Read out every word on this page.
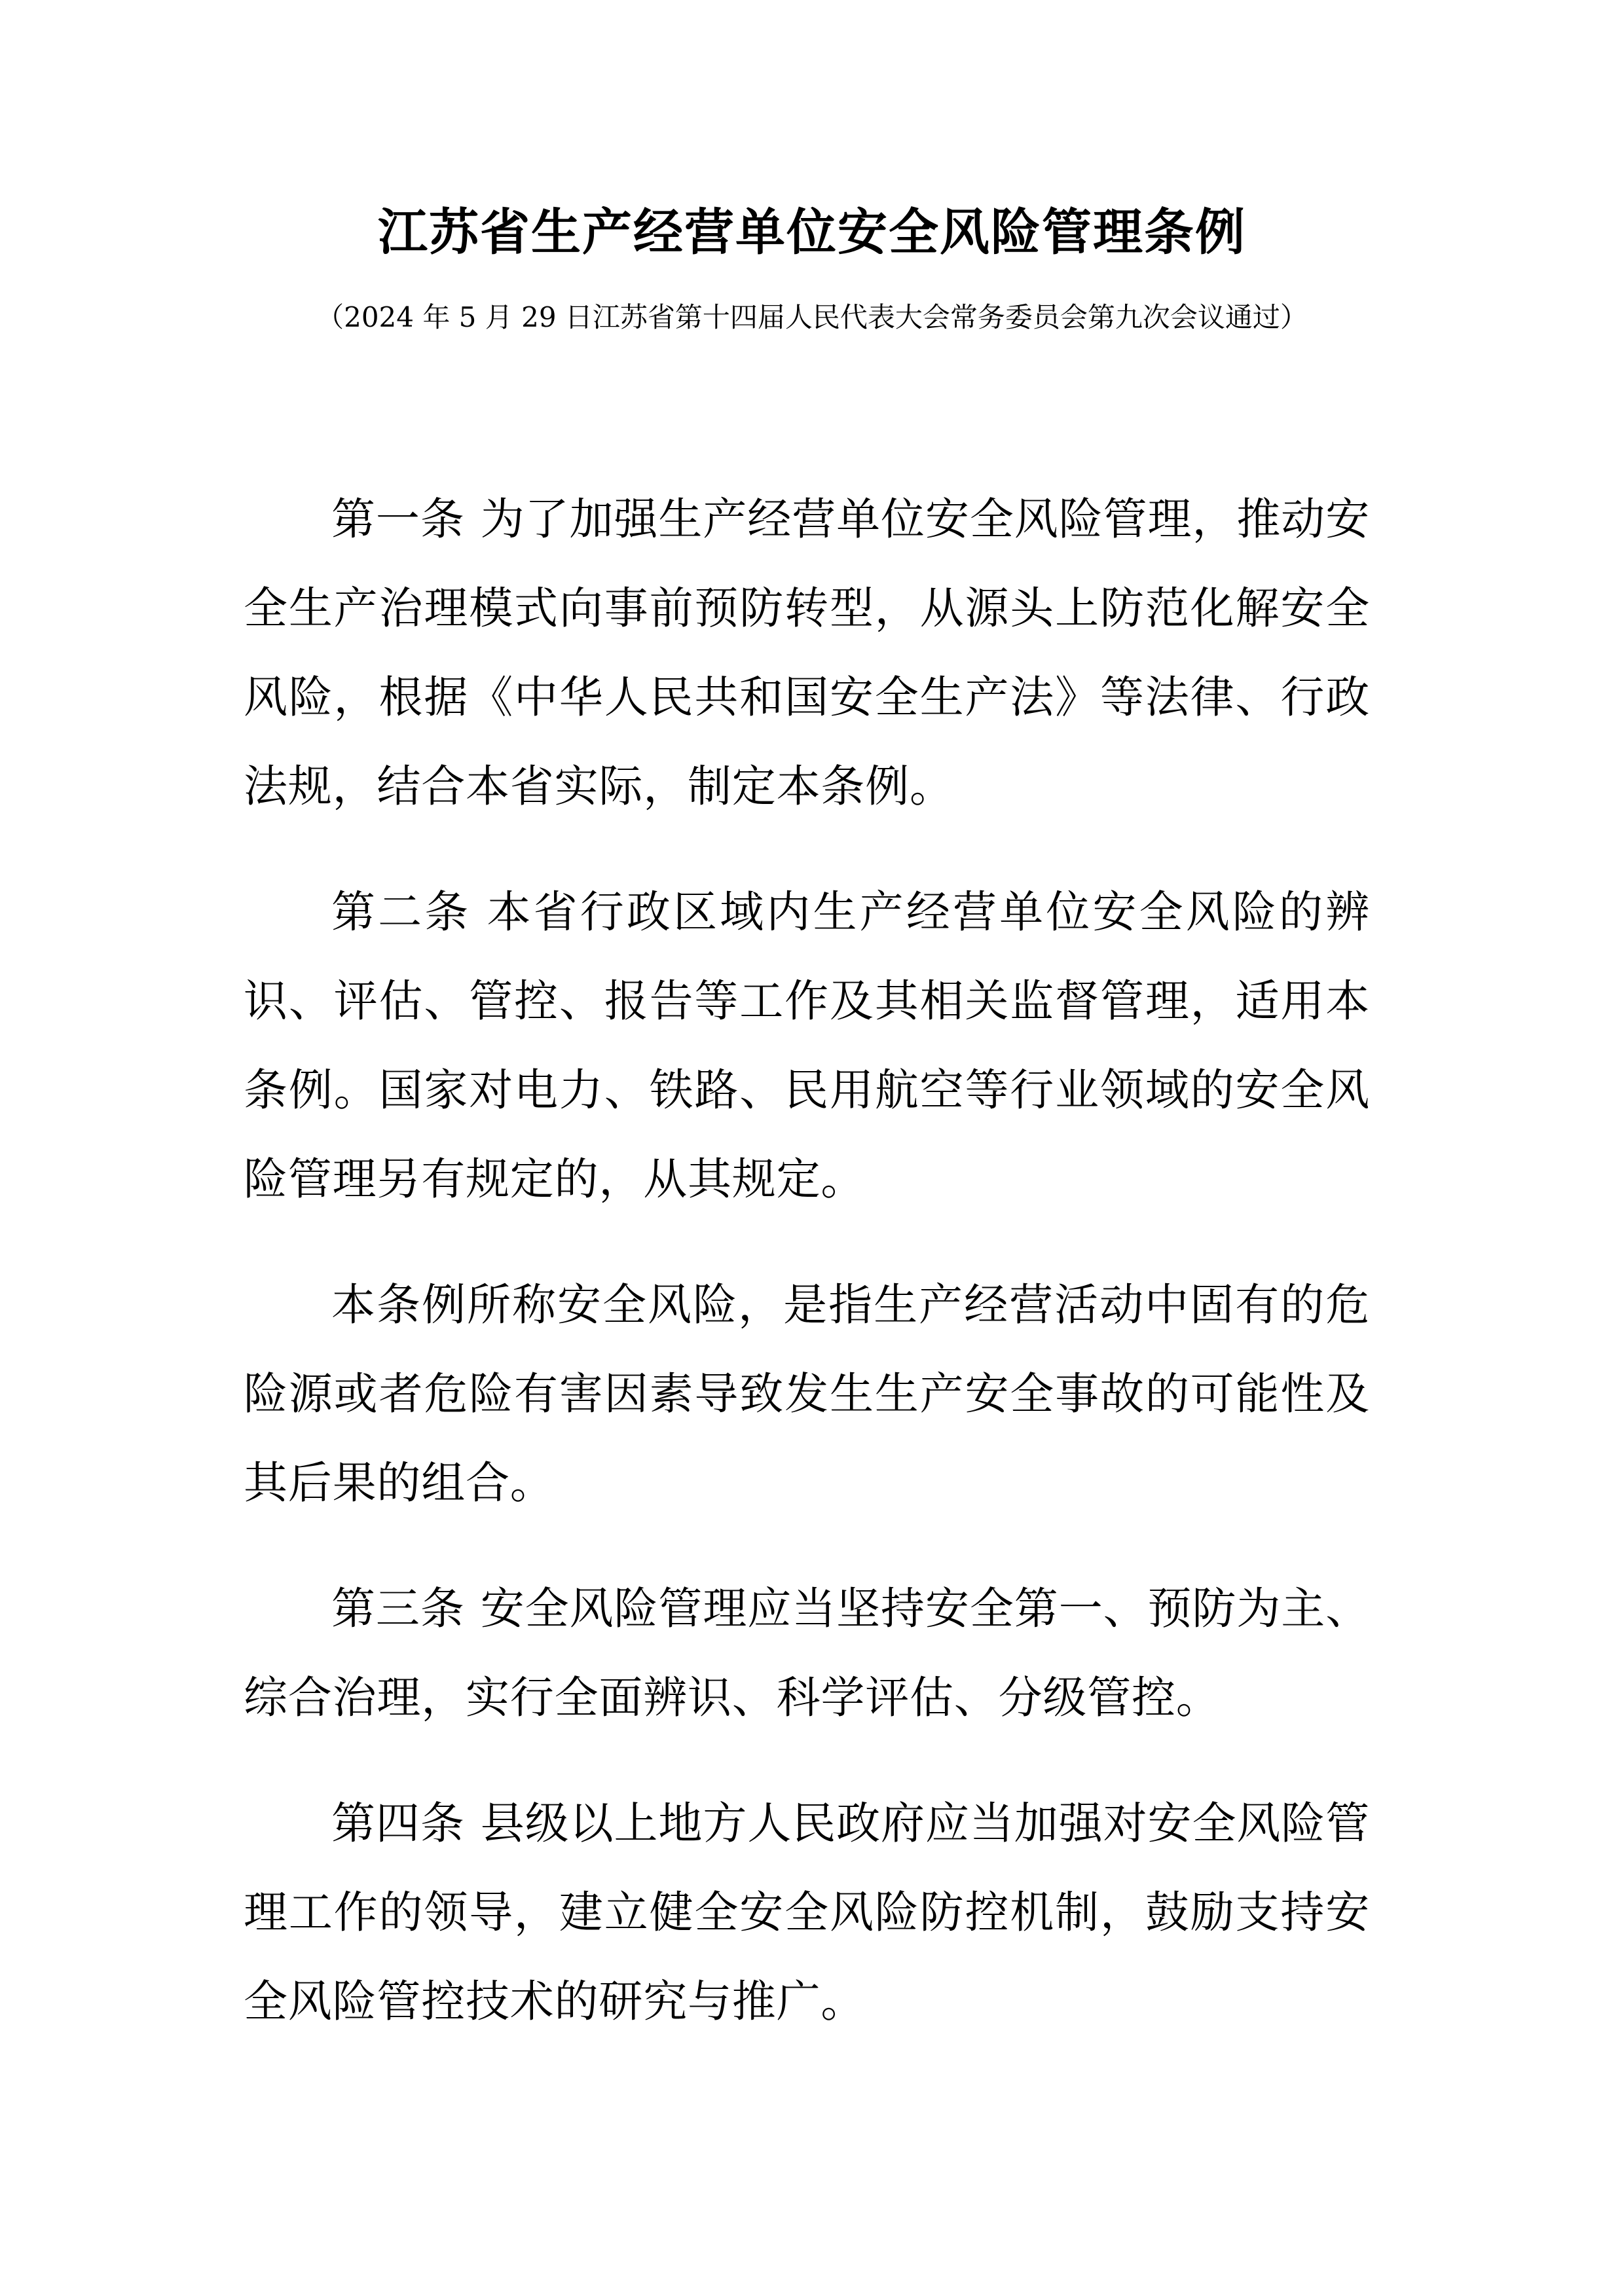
江苏省生产经营单位安全风险管理条例
（2024 年 5 月 29 日江苏省第十四届人民代表大会常务委员会第九次会议通过）

第一条 为了加强生产经营单位安全风险管理，推动安全生产治理模式向事前预防转型，从源头上防范化解安全风险，根据《中华人民共和国安全生产法》等法律、行政法规，结合本省实际，制定本条例。

第二条 本省行政区域内生产经营单位安全风险的辨识、评估、管控、报告等工作及其相关监督管理，适用本条例。国家对电力、铁路、民用航空等行业领域的安全风险管理另有规定的，从其规定。

本条例所称安全风险，是指生产经营活动中固有的危险源或者危险有害因素导致发生生产安全事故的可能性及其后果的组合。

第三条 安全风险管理应当坚持安全第一、预防为主、综合治理，实行全面辨识、科学评估、分级管控。

第四条 县级以上地方人民政府应当加强对安全风险管理工作的领导，建立健全安全风险防控机制，鼓励支持安全风险管控技术的研究与推广。
